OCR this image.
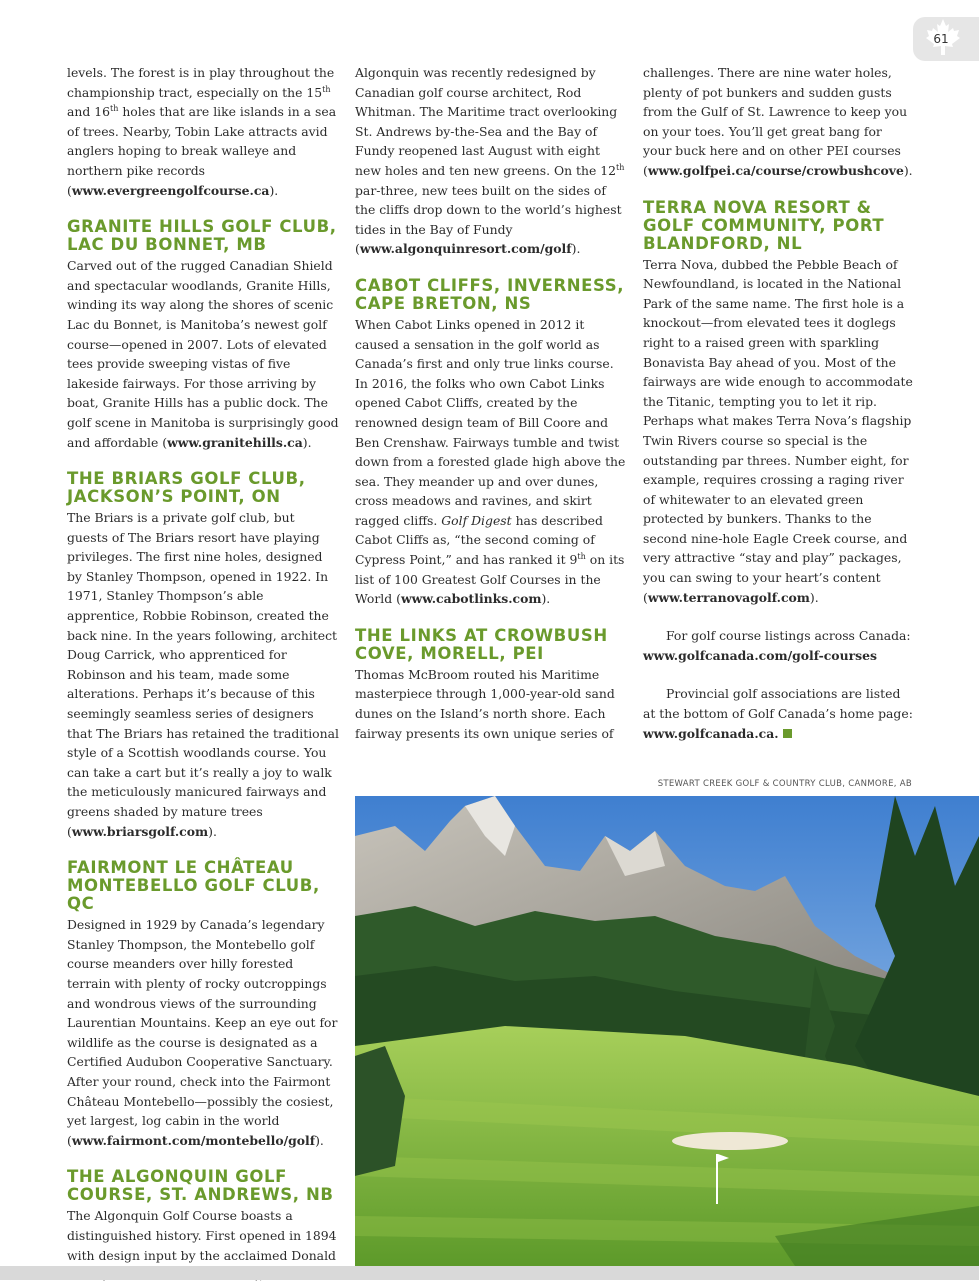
61

levels. The forest is in play throughout the championship tract, especially on the 15th and 16th holes that are like islands in a sea of trees. Nearby, Tobin Lake attracts avid anglers hoping to break walleye and northern pike records (www.evergreengolfcourse.ca).

GRANITE HILLS GOLF CLUB, LAC DU BONNET, MB

Carved out of the rugged Canadian Shield and spectacular woodlands, Granite Hills, winding its way along the shores of scenic Lac du Bonnet, is Manitoba’s newest golf course—opened in 2007. Lots of elevated tees provide sweeping vistas of five lakeside fairways. For those arriving by boat, Granite Hills has a public dock. The golf scene in Manitoba is surprisingly good and affordable (www.granitehills.ca).

THE BRIARS GOLF CLUB, JACKSON’S POINT, ON

The Briars is a private golf club, but guests of The Briars resort have playing privileges. The first nine holes, designed by Stanley Thompson, opened in 1922. In 1971, Stanley Thompson’s able apprentice, Robbie Robinson, created the back nine. In the years following, architect Doug Carrick, who apprenticed for Robinson and his team, made some alterations. Perhaps it’s because of this seemingly seamless series of designers that The Briars has retained the traditional style of a Scottish woodlands course. You can take a cart but it’s really a joy to walk the meticulously manicured fairways and greens shaded by mature trees (www.briarsgolf.com).

FAIRMONT LE CHÂTEAU MONTEBELLO GOLF CLUB, QC

Designed in 1929 by Canada’s legendary Stanley Thompson, the Montebello golf course meanders over hilly forested terrain with plenty of rocky outcroppings and wondrous views of the surrounding Laurentian Mountains. Keep an eye out for wildlife as the course is designated as a Certified Audubon Cooperative Sanctuary. After your round, check into the Fairmont Château Montebello—possibly the cosiest, yet largest, log cabin in the world (www.fairmont.com/montebello/golf).

THE ALGONQUIN GOLF COURSE, ST. ANDREWS, NB

The Algonquin Golf Course boasts a distinguished history. First opened in 1894 with design input by the acclaimed Donald

Algonquin was recently redesigned by Canadian golf course architect, Rod Whitman. The Maritime tract overlooking St. Andrews by-the-Sea and the Bay of Fundy reopened last August with eight new holes and ten new greens. On the 12th par-three, new tees built on the sides of the cliffs drop down to the world’s highest tides in the Bay of Fundy (www.algonquinresort.com/golf).

CABOT CLIFFS, INVERNESS, CAPE BRETON, NS

When Cabot Links opened in 2012 it caused a sensation in the golf world as Canada’s first and only true links course. In 2016, the folks who own Cabot Links opened Cabot Cliffs, created by the renowned design team of Bill Coore and Ben Crenshaw. Fairways tumble and twist down from a forested glade high above the sea. They meander up and over dunes, cross meadows and ravines, and skirt ragged cliffs. Golf Digest has described Cabot Cliffs as, “the second coming of Cypress Point,” and has ranked it 9th on its list of 100 Greatest Golf Courses in the World (www.cabotlinks.com).

THE LINKS AT CROWBUSH COVE, MORELL, PEI

Thomas McBroom routed his Maritime masterpiece through 1,000-year-old sand dunes on the Island’s north shore. Each fairway presents its own unique series of

challenges. There are nine water holes, plenty of pot bunkers and sudden gusts from the Gulf of St. Lawrence to keep you on your toes. You’ll get great bang for your buck here and on other PEI courses (www.golfpei.ca/course/crowbushcove).

TERRA NOVA RESORT & GOLF COMMUNITY, PORT BLANDFORD, NL

Terra Nova, dubbed the Pebble Beach of Newfoundland, is located in the National Park of the same name. The first hole is a knockout—from elevated tees it doglegs right to a raised green with sparkling Bonavista Bay ahead of you. Most of the fairways are wide enough to accommodate the Titanic, tempting you to let it rip. Perhaps what makes Terra Nova’s flagship Twin Rivers course so special is the outstanding par threes. Number eight, for example, requires crossing a raging river of whitewater to an elevated green protected by bunkers. Thanks to the second nine-hole Eagle Creek course, and very attractive “stay and play” packages, you can swing to your heart’s content (www.terranovagolf.com).

For golf course listings across Canada:
www.golfcanada.com/golf-courses

Provincial golf associations are listed at the bottom of Golf Canada’s home page:
www.golfcanada.ca.

STEWART CREEK GOLF & COUNTRY CLUB, CANMORE, AB
